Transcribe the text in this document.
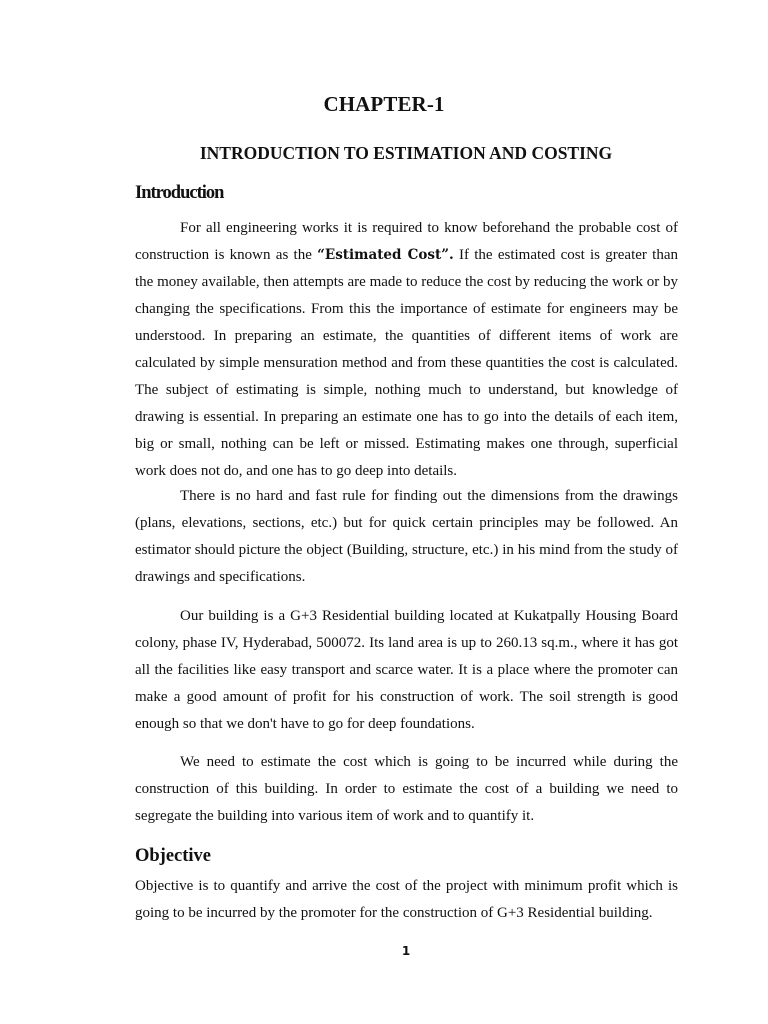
CHAPTER-1
INTRODUCTION TO ESTIMATION AND COSTING
Introduction

For all engineering works it is required to know beforehand the probable cost of construction is known as the “Estimated Cost”. If the estimated cost is greater than the money available, then attempts are made to reduce the cost by reducing the work or by changing the specifications. From this the importance of estimate for engineers may be understood. In preparing an estimate, the quantities of different items of work are calculated by simple mensuration method and from these quantities the cost is calculated. The subject of estimating is simple, nothing much to understand, but knowledge of drawing is essential. In preparing an estimate one has to go into the details of each item, big or small, nothing can be left or missed. Estimating makes one through, superficial work does not do, and one has to go deep into details.

There is no hard and fast rule for finding out the dimensions from the drawings (plans, elevations, sections, etc.) but for quick certain principles may be followed. An estimator should picture the object (Building, structure, etc.) in his mind from the study of drawings and specifications.

Our building is a G+3 Residential building located at Kukatpally Housing Board colony, phase IV, Hyderabad, 500072. Its land area is up to 260.13 sq.m., where it has got all the facilities like easy transport and scarce water. It is a place where the promoter can make a good amount of profit for his construction of work. The soil strength is good enough so that we don't have to go for deep foundations.

We need to estimate the cost which is going to be incurred while during the construction of this building. In order to estimate the cost of a building we need to segregate the building into various item of work and to quantify it.

Objective

Objective is to quantify and arrive the cost of the project with minimum profit which is going to be incurred by the promoter for the construction of G+3 Residential building.

1
